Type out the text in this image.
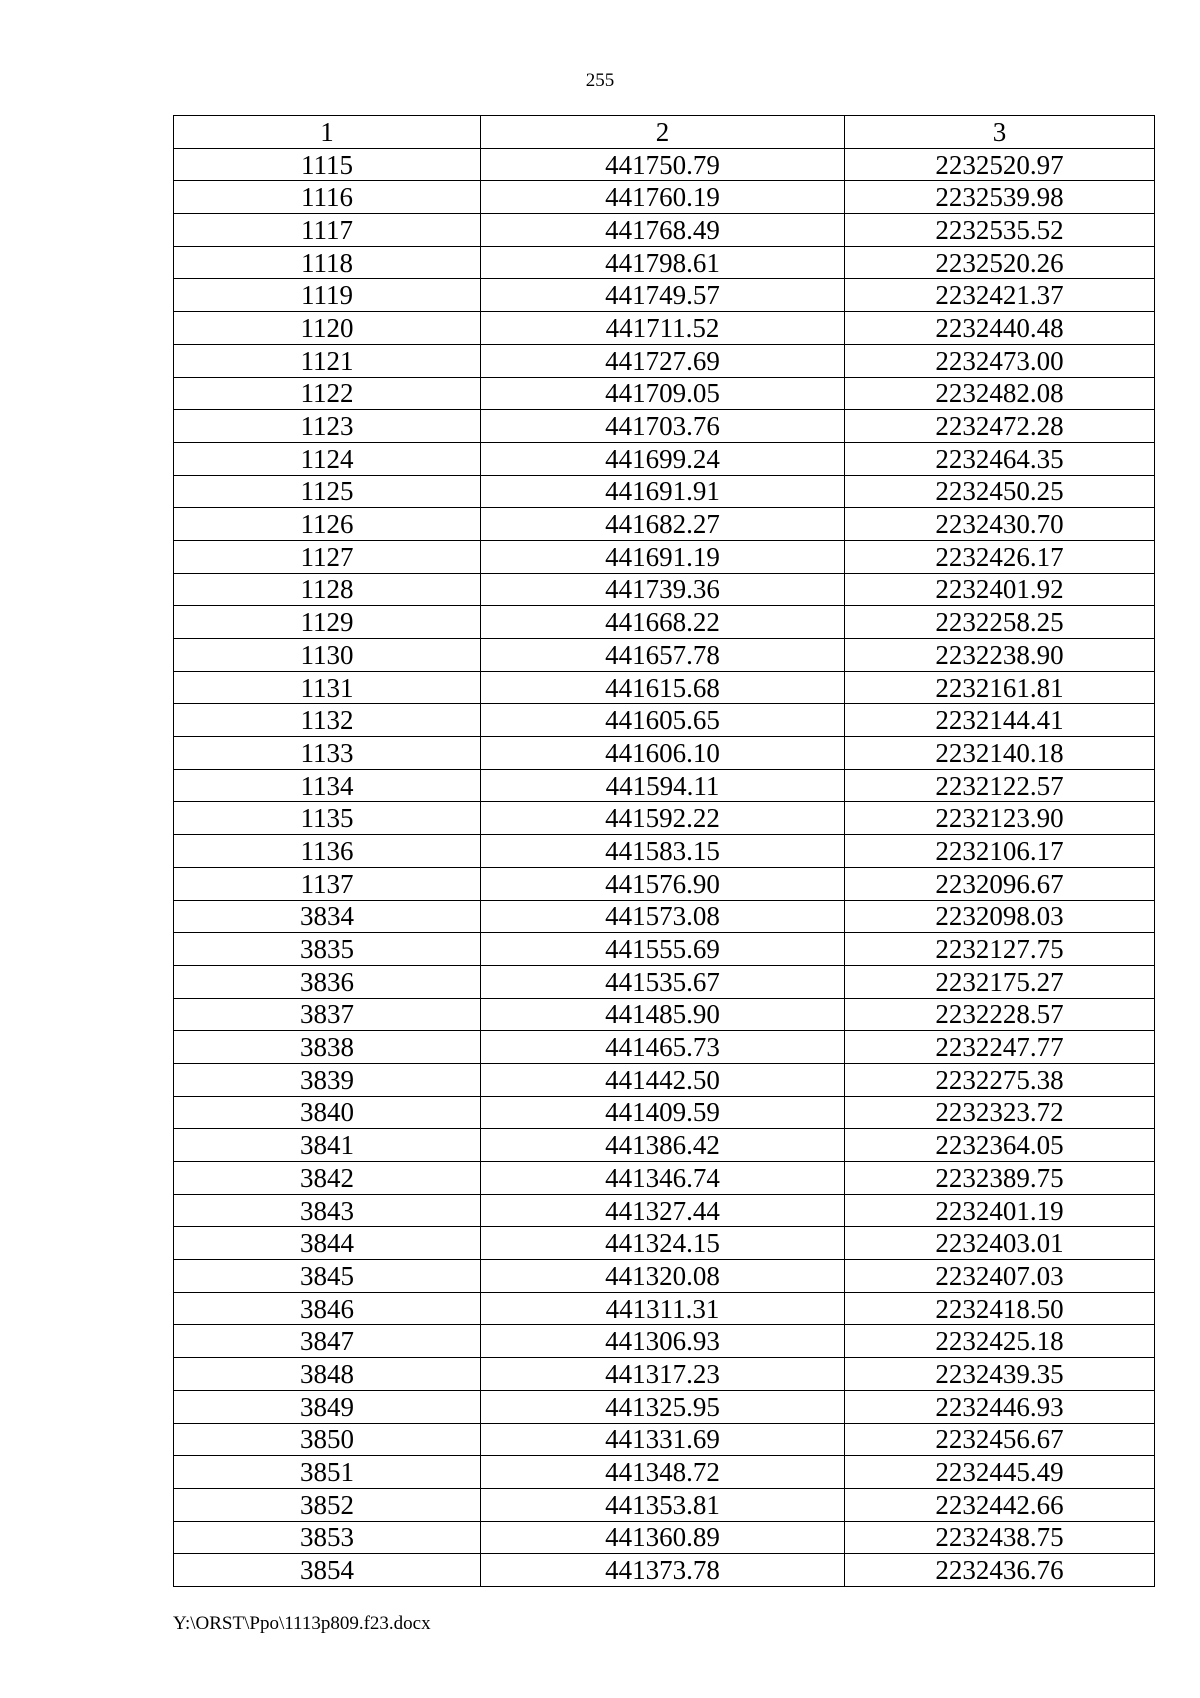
255
1	2	3
1115	441750.79	2232520.97
1116	441760.19	2232539.98
1117	441768.49	2232535.52
1118	441798.61	2232520.26
1119	441749.57	2232421.37
1120	441711.52	2232440.48
1121	441727.69	2232473.00
1122	441709.05	2232482.08
1123	441703.76	2232472.28
1124	441699.24	2232464.35
1125	441691.91	2232450.25
1126	441682.27	2232430.70
1127	441691.19	2232426.17
1128	441739.36	2232401.92
1129	441668.22	2232258.25
1130	441657.78	2232238.90
1131	441615.68	2232161.81
1132	441605.65	2232144.41
1133	441606.10	2232140.18
1134	441594.11	2232122.57
1135	441592.22	2232123.90
1136	441583.15	2232106.17
1137	441576.90	2232096.67
3834	441573.08	2232098.03
3835	441555.69	2232127.75
3836	441535.67	2232175.27
3837	441485.90	2232228.57
3838	441465.73	2232247.77
3839	441442.50	2232275.38
3840	441409.59	2232323.72
3841	441386.42	2232364.05
3842	441346.74	2232389.75
3843	441327.44	2232401.19
3844	441324.15	2232403.01
3845	441320.08	2232407.03
3846	441311.31	2232418.50
3847	441306.93	2232425.18
3848	441317.23	2232439.35
3849	441325.95	2232446.93
3850	441331.69	2232456.67
3851	441348.72	2232445.49
3852	441353.81	2232442.66
3853	441360.89	2232438.75
3854	441373.78	2232436.76
Y:\ORST\Ppo\1113p809.f23.docx
